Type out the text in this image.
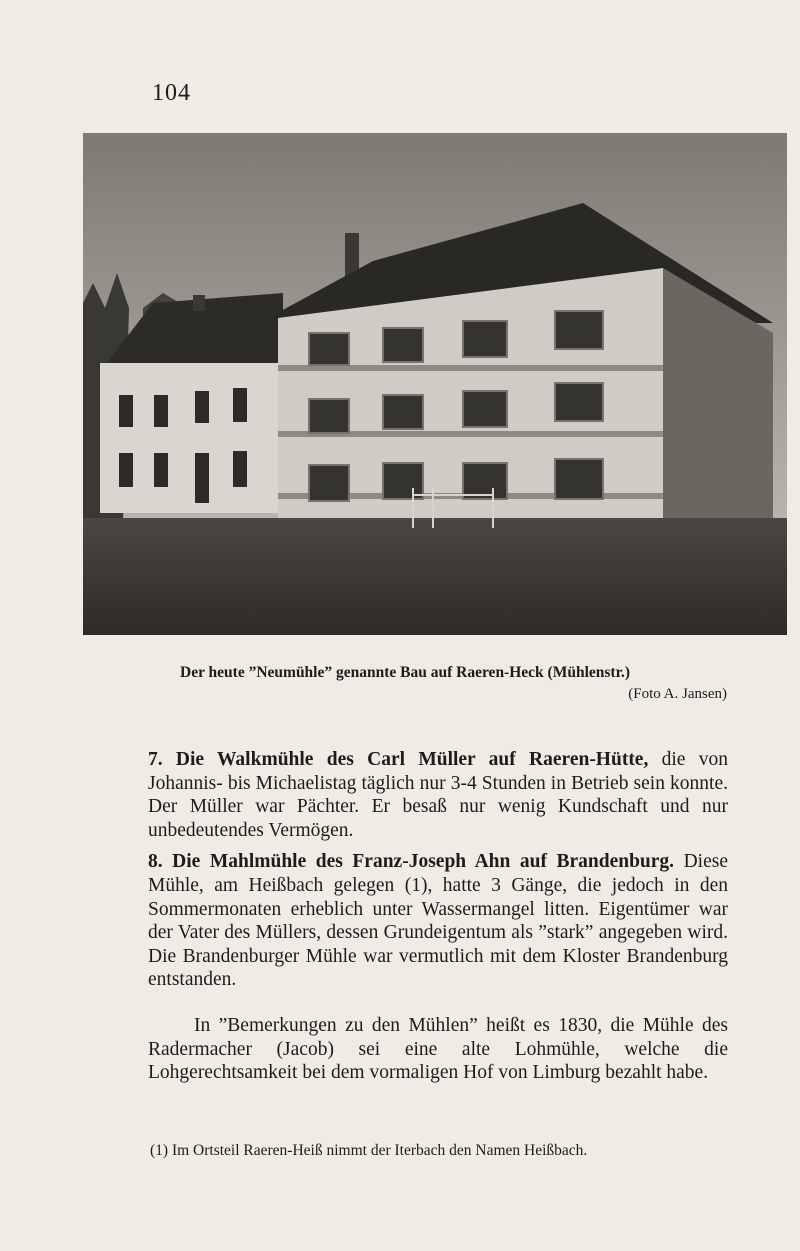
104
Der heute ”Neumühle” genannte Bau auf Raeren-Heck (Mühlenstr.)
(Foto A. Jansen)

7. Die Walkmühle des Carl Müller auf Raeren-Hütte, die von Johannis- bis Michaelistag täglich nur 3-4 Stunden in Betrieb sein konnte. Der Müller war Pächter. Er besaß nur wenig Kundschaft und nur unbedeutendes Vermögen.

8. Die Mahlmühle des Franz-Joseph Ahn auf Brandenburg. Diese Mühle, am Heißbach gelegen (1), hatte 3 Gänge, die jedoch in den Sommermonaten erheblich unter Wassermangel litten. Eigentümer war der Vater des Müllers, dessen Grundeigentum als ”stark” angegeben wird. Die Brandenburger Mühle war vermutlich mit dem Kloster Brandenburg entstanden.

In ”Bemerkungen zu den Mühlen” heißt es 1830, die Mühle des Radermacher (Jacob) sei eine alte Lohmühle, welche die Lohgerechtsamkeit bei dem vormaligen Hof von Limburg bezahlt habe.

(1) Im Ortsteil Raeren-Heiß nimmt der Iterbach den Namen Heißbach.
